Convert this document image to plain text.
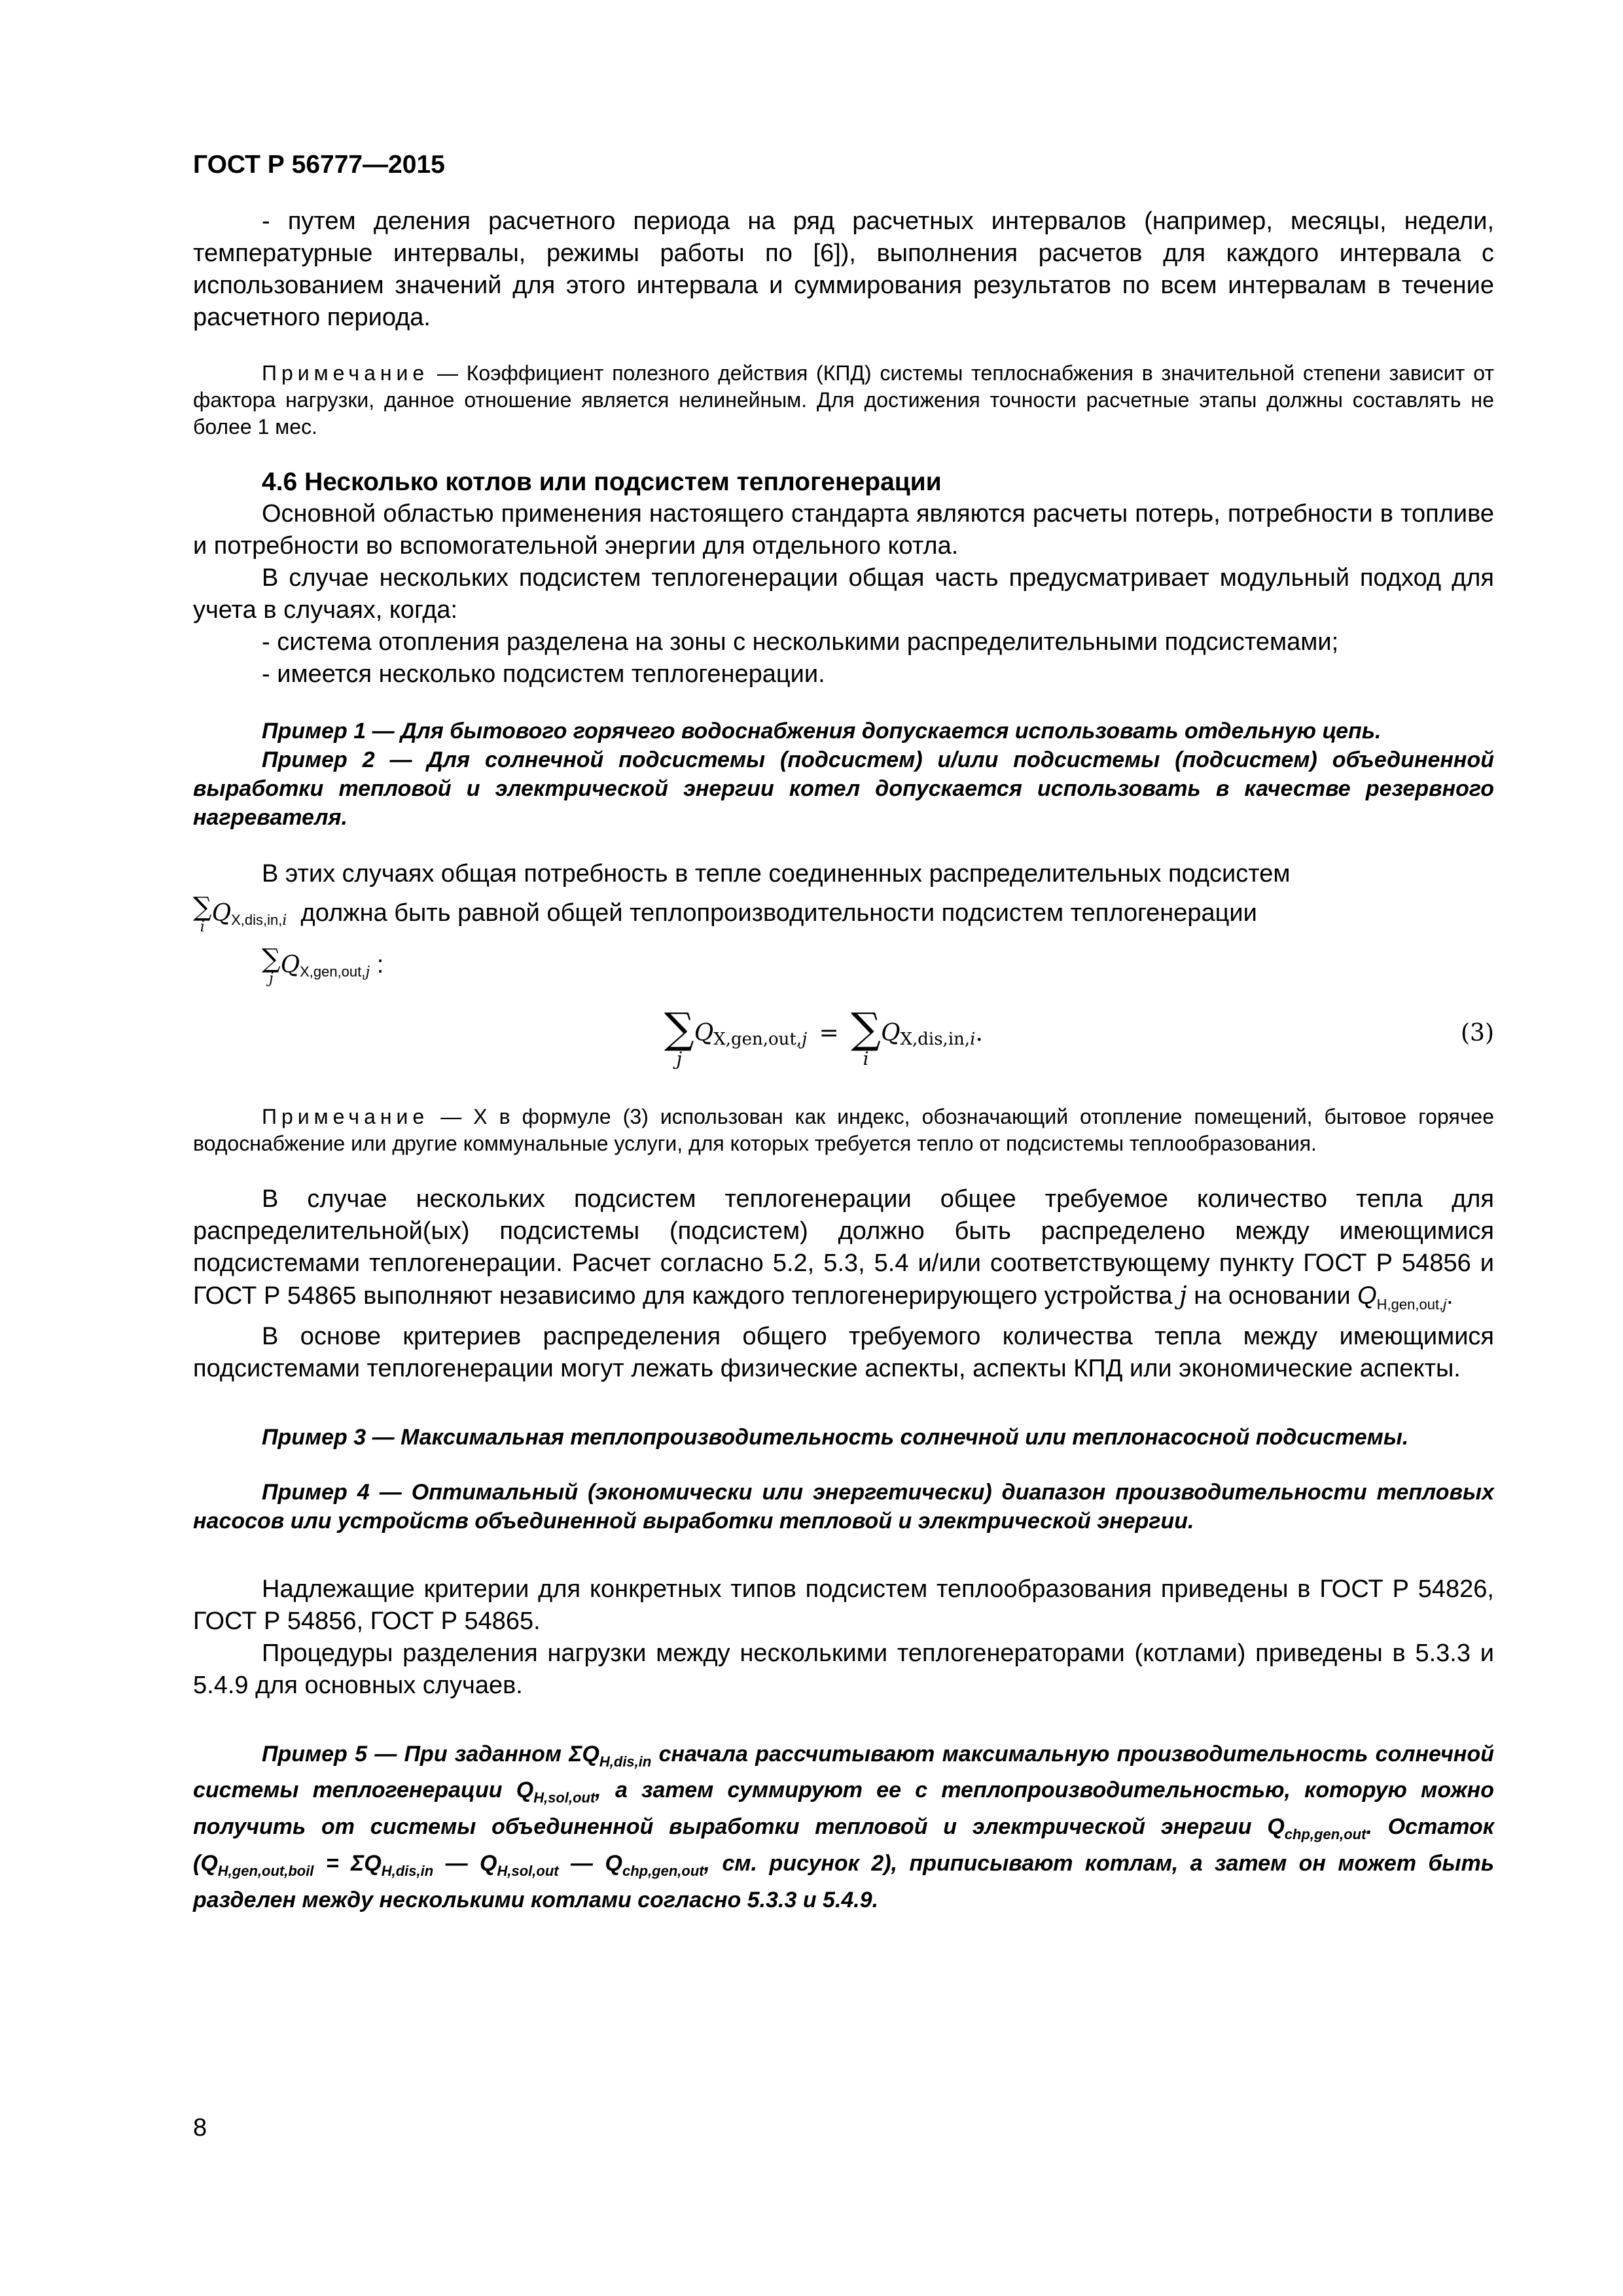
ГОСТ Р 56777—2015

- путем деления расчетного периода на ряд расчетных интервалов (например, месяцы, недели, температурные интервалы, режимы работы по [6]), выполнения расчетов для каждого интервала с использованием значений для этого интервала и суммирования результатов по всем интервалам в течение расчетного периода.

Примечание — Коэффициент полезного действия (КПД) системы теплоснабжения в значительной степени зависит от фактора нагрузки, данное отношение является нелинейным. Для достижения точности расчетные этапы должны составлять не более 1 мес.

4.6 Несколько котлов или подсистем теплогенерации

Основной областью применения настоящего стандарта являются расчеты потерь, потребности в топливе и потребности во вспомогательной энергии для отдельного котла.

В случае нескольких подсистем теплогенерации общая часть предусматривает модульный подход для учета в случаях, когда:

- система отопления разделена на зоны с несколькими распределительными подсистемами;

- имеется несколько подсистем теплогенерации.

Пример 1 — Для бытового горячего водоснабжения допускается использовать отдельную цепь.

Пример 2 — Для солнечной подсистемы (подсистем) и/или подсистемы (подсистем) объединенной выработки тепловой и электрической энергии котел допускается использовать в качестве резервного нагревателя.

В этих случаях общая потребность в тепле соединенных распределительных подсистем

∑
i
QX,dis,in,i должна быть равной общей теплопроизводительности подсистем теплогенерации
∑
j
QX,gen,out,j :
∑
j
QX,gen,out,j = ∑
i
QX,dis,in,i.	(3)

Примечание — X в формуле (3) использован как индекс, обозначающий отопление помещений, бытовое горячее водоснабжение или другие коммунальные услуги, для которых требуется тепло от подсистемы теплообразования.

В случае нескольких подсистем теплогенерации общее требуемое количество тепла для распределительной(ых) подсистемы (подсистем) должно быть распределено между имеющимися подсистемами теплогенерации. Расчет согласно 5.2, 5.3, 5.4 и/или соответствующему пункту ГОСТ Р 54856 и ГОСТ Р 54865 выполняют независимо для каждого теплогенерирующего устройства j на основании $Q_{H,gen,out,j}$.

В основе критериев распределения общего требуемого количества тепла между имеющимися подсистемами теплогенерации могут лежать физические аспекты, аспекты КПД или экономические аспекты.

Пример 3 — Максимальная теплопроизводительность солнечной или теплонасосной подсистемы.

Пример 4 — Оптимальный (экономически или энергетически) диапазон производительности тепловых насосов или устройств объединенной выработки тепловой и электрической энергии.

Надлежащие критерии для конкретных типов подсистем теплообразования приведены в ГОСТ Р 54826, ГОСТ Р 54856, ГОСТ Р 54865.

Процедуры разделения нагрузки между несколькими теплогенераторами (котлами) приведены в 5.3.3 и 5.4.9 для основных случаев.

Пример 5 — При заданном $\Sigma Q_{H,dis,in}$ сначала рассчитывают максимальную производительность солнечной системы теплогенерации $Q_{H,sol,out}$, а затем суммируют ее с теплопроизводительностью, которую можно получить от системы объединенной выработки тепловой и электрической энергии $Q_{chp,gen,out}$. Остаток ($Q_{H,gen,out,boil} = \Sigma Q_{H,dis,in}$ — $Q_{H,sol,out}$ — $Q_{chp,gen,out}$, см. рисунок 2), приписывают котлам, а затем он может быть разделен между несколькими котлами согласно 5.3.3 и 5.4.9.

8
